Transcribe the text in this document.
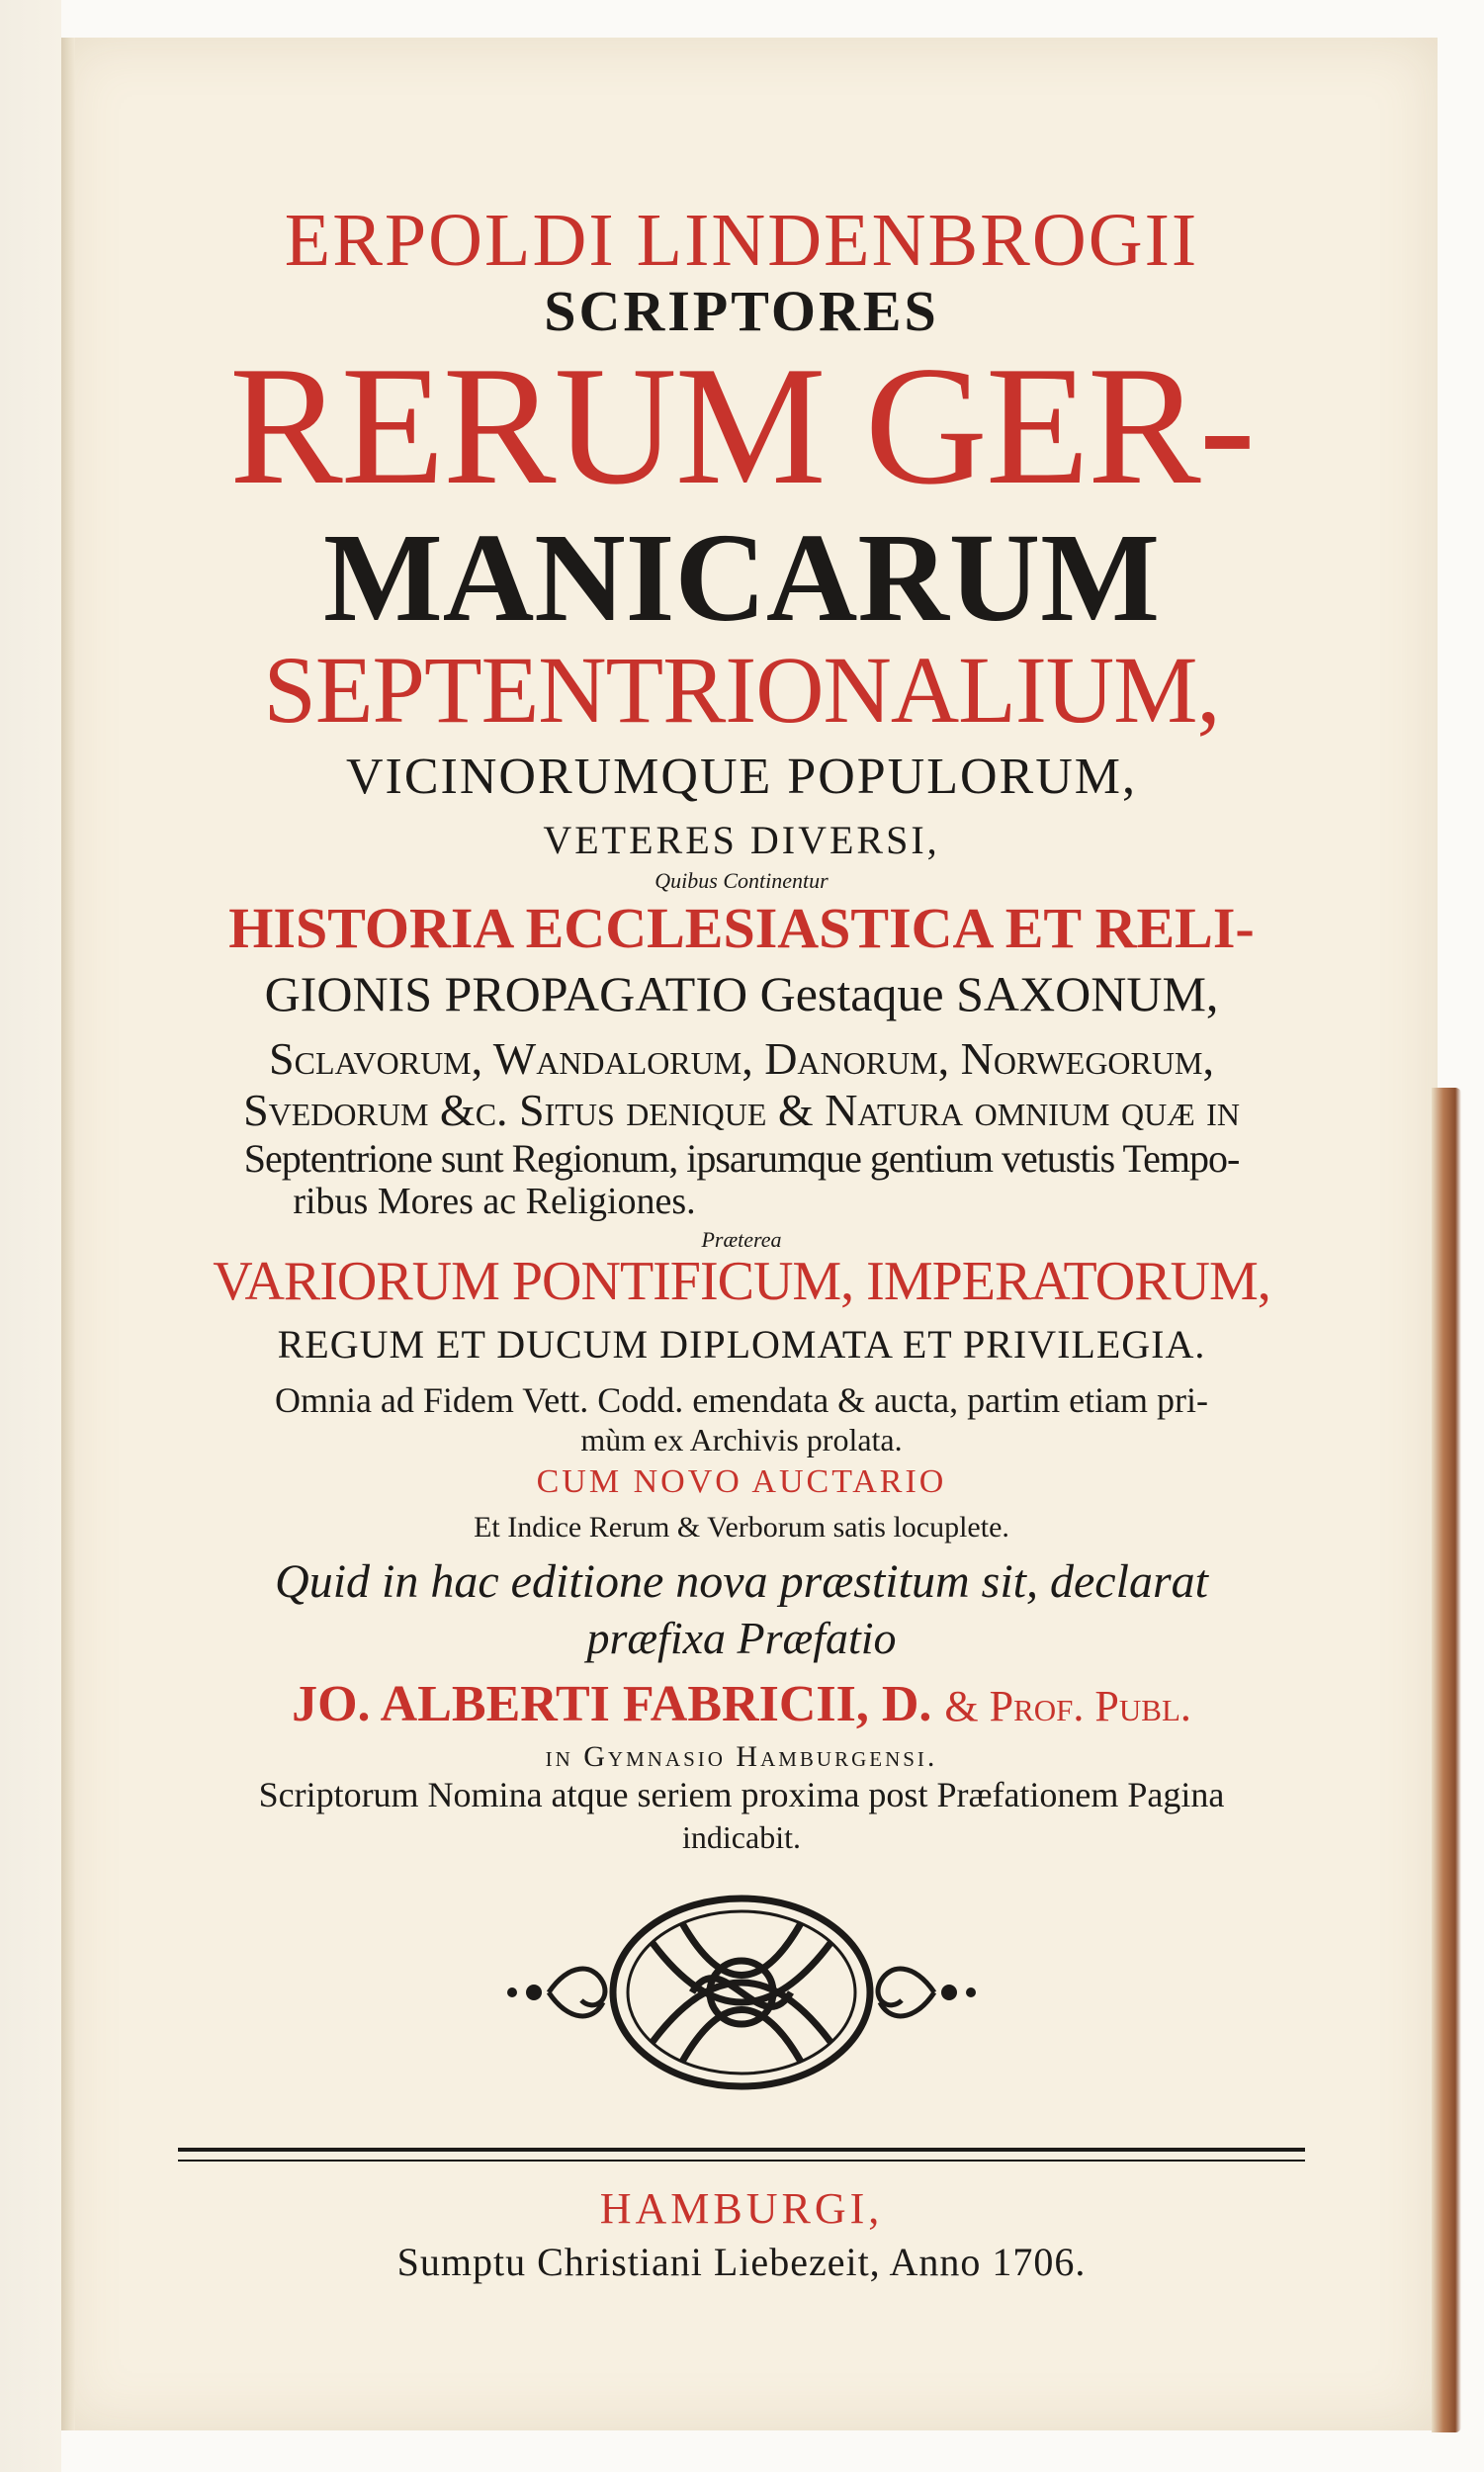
ERPOLDI LINDENBROGII
SCRIPTORES
RERUM GER-
MANICARUM
SEPTENTRIONALIUM,
VICINORUMQUE POPULORUM,
VETERES DIVERSI,
Quibus Continentur
HISTORIA ECCLESIASTICA ET RELI-
GIONIS PROPAGATIO Gestaque SAXONUM,
Sclavorum, Wandalorum, Danorum, Norwegorum,
Svedorum &c. Situs denique & Natura omnium quæ in
Septentrione sunt Regionum, ipsarumque gentium vetustis Tempo-
ribus Mores ac Religiones.
Præterea
VARIORUM PONTIFICUM, IMPERATORUM,
REGUM ET DUCUM DIPLOMATA ET PRIVILEGIA.
Omnia ad Fidem Vett. Codd. emendata & aucta, partim etiam pri-
mùm ex Archivis prolata.
CUM NOVO AUCTARIO
Et Indice Rerum & Verborum satis locuplete.
Quid in hac editione nova præstitum sit, declarat
præfixa Præfatio
JO. ALBERTI FABRICII, D. & Prof. Publ.
in Gymnasio Hamburgensi.
Scriptorum Nomina atque seriem proxima post Præfationem Pagina
indicabit.
HAMBURGI,
Sumptu Christiani Liebezeit, Anno 1706.
